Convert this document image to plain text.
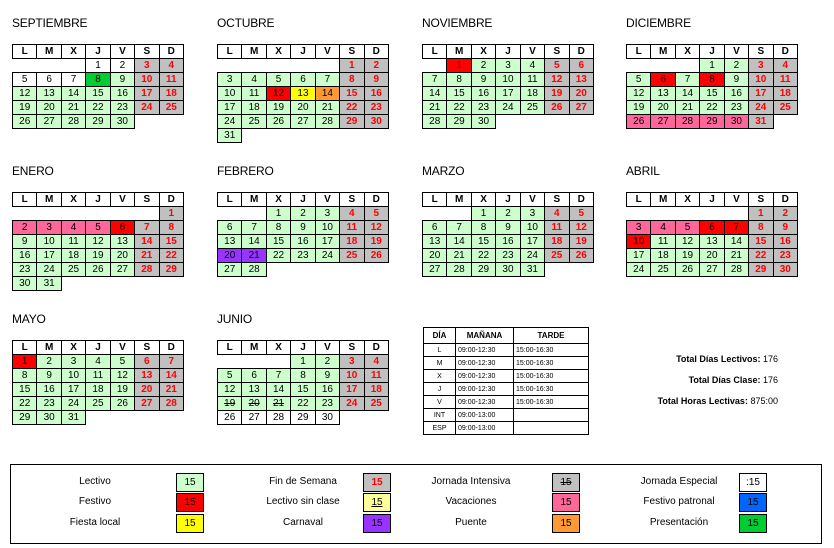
SEPTIEMBRE
L	M	X	J	V	S	D
			1	2	3	4
5	6	7	8	9	10	11
12	13	14	15	16	17	18
19	20	21	22	23	24	25
26	27	28	29	30		
OCTUBRE
L	M	X	J	V	S	D
					1	2
3	4	5	6	7	8	9
10	11	12	13	14	15	16
17	18	19	20	21	22	23
24	25	26	27	28	29	30
31						
NOVIEMBRE
L	M	X	J	V	S	D
	1	2	3	4	5	6
7	8	9	10	11	12	13
14	15	16	17	18	19	20
21	22	23	24	25	26	27
28	29	30				
DICIEMBRE
L	M	X	J	V	S	D
			1	2	3	4
5	6	7	8	9	10	11
12	13	14	15	16	17	18
19	20	21	22	23	24	25
26	27	28	29	30	31	
ENERO
L	M	X	J	V	S	D
						1
2	3	4	5	6	7	8
9	10	11	12	13	14	15
16	17	18	19	20	21	22
23	24	25	26	27	28	29
30	31					
FEBRERO
L	M	X	J	V	S	D
		1	2	3	4	5
6	7	8	9	10	11	12
13	14	15	16	17	18	19
20	21	22	23	24	25	26
27	28					
MARZO
L	M	X	J	V	S	D
		1	2	3	4	5
6	7	8	9	10	11	12
13	14	15	16	17	18	19
20	21	22	23	24	25	26
27	28	29	30	31		
ABRIL
L	M	X	J	V	S	D
					1	2
3	4	5	6	7	8	9
10	11	12	13	14	15	16
17	18	19	20	21	22	23
24	25	26	27	28	29	30
MAYO
L	M	X	J	V	S	D
1	2	3	4	5	6	7
8	9	10	11	12	13	14
15	16	17	18	19	20	21
22	23	24	25	26	27	28
29	30	31				
JUNIO
L	M	X	J	V	S	D
			1	2	3	4
5	6	7	8	9	10	11
12	13	14	15	16	17	18
19	20	21	22	23	24	25
26	27	28	29	30		
DÍA	MAÑANA	TARDE
L	09:00-12:30	15:00-16:30
M	09:00-12:30	15:00-16:30
X	09:00-12:30	15:00-16:30
J	09:00-12:30	15:00-16:30
V	09:00-12:30	15:00-16:30
INT	09:00-13:00	
ESP	09:00-13:00	
Total Días Lectivos: 176
Total Días Clase: 176
Total Horas Lectivas: 875:00
Lectivo	15	Fin de Semana	15	Jornada Intensiva	15	Jornada Especial	:15
Festivo	15	Lectivo sin clase	15	Vacaciones	15	Festivo patronal	15
Fiesta local	15	Carnaval	15	Puente	15	Presentación	15
